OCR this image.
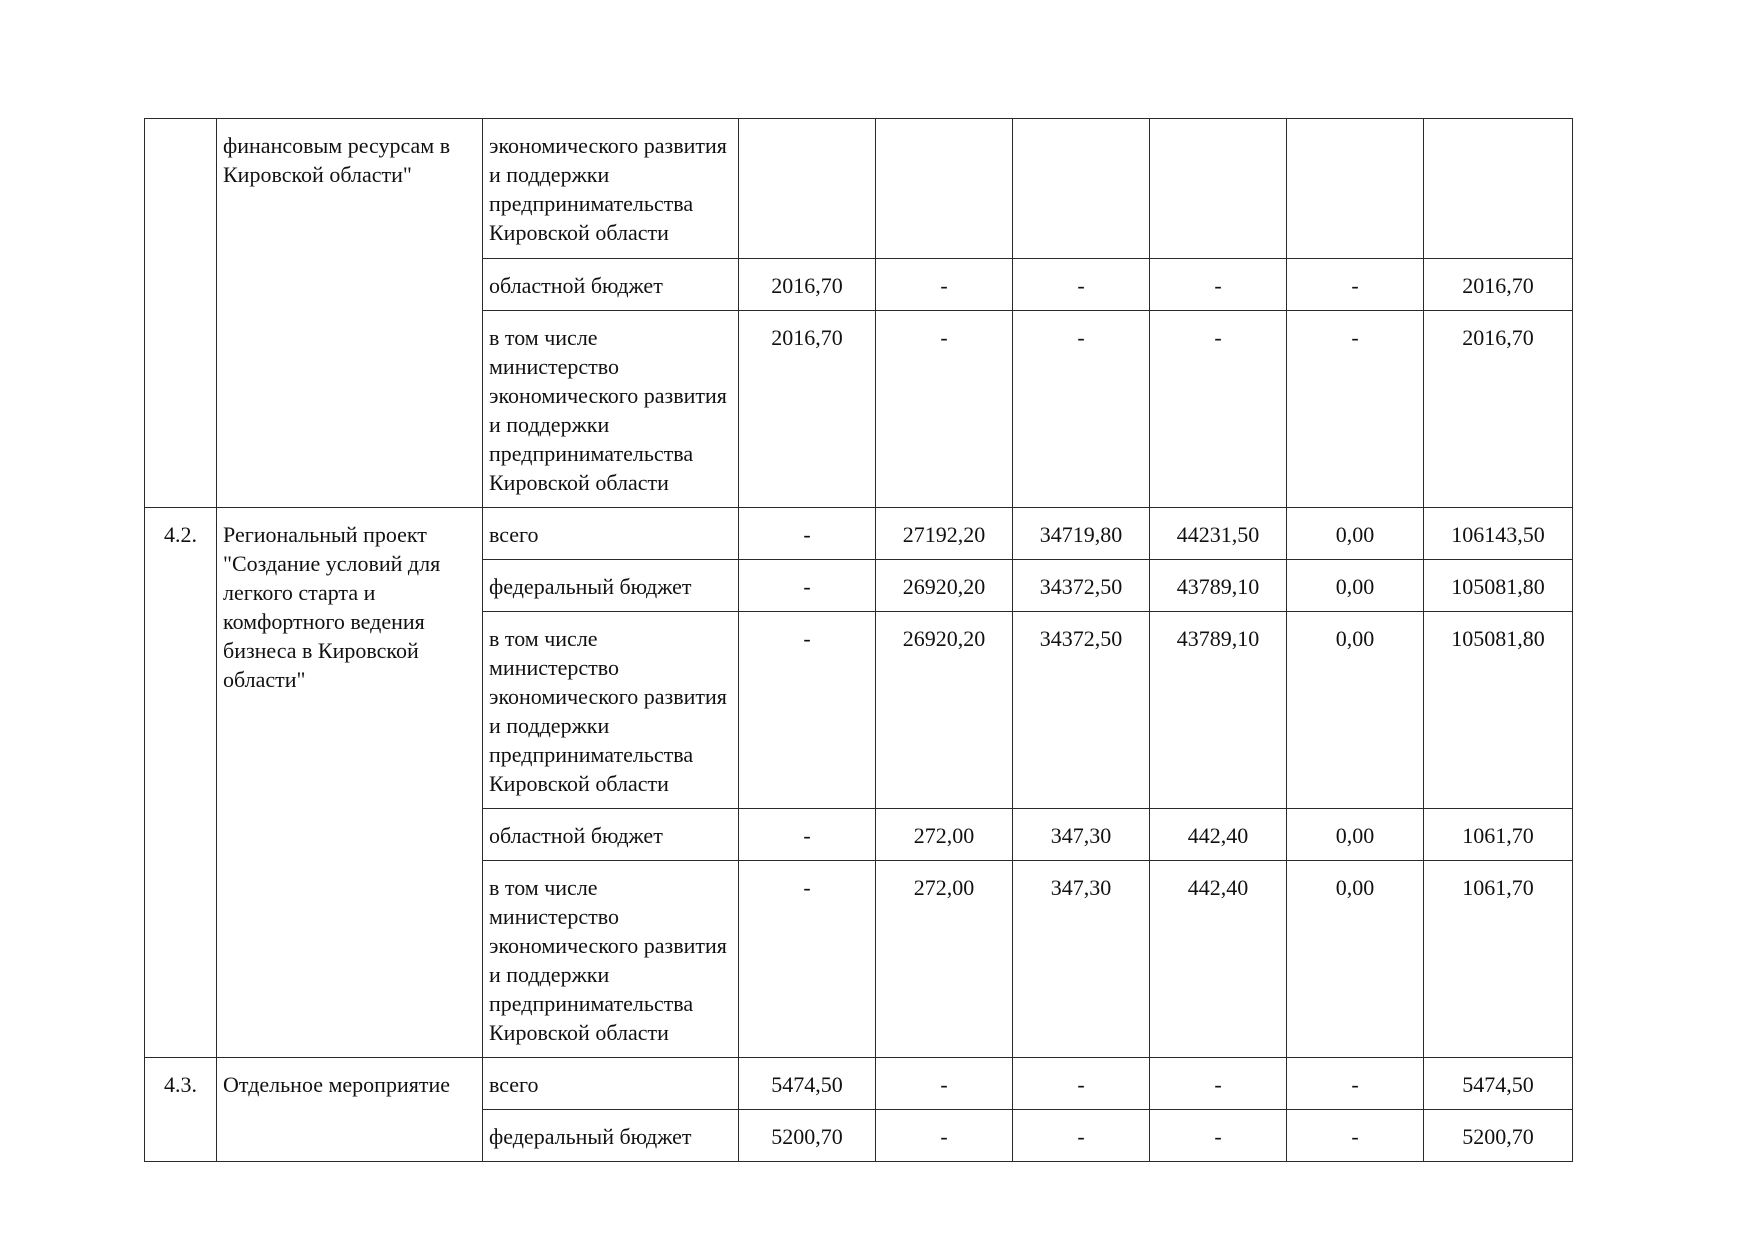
	финансовым ресурсам в Кировской области"	экономического развития и поддержки предпринимательства Кировской области						
		областной бюджет	2016,70	-	-	-	-	2016,70
		в том числе министерство экономического развития и поддержки предпринимательства Кировской области	2016,70	-	-	-	-	2016,70
4.2.	Региональный проект "Создание условий для легкого старта и комфортного ведения бизнеса в Кировской области"	всего	-	27192,20	34719,80	44231,50	0,00	106143,50
		федеральный бюджет	-	26920,20	34372,50	43789,10	0,00	105081,80
		в том числе министерство экономического развития и поддержки предпринимательства Кировской области	-	26920,20	34372,50	43789,10	0,00	105081,80
		областной бюджет	-	272,00	347,30	442,40	0,00	1061,70
		в том числе министерство экономического развития и поддержки предпринимательства Кировской области	-	272,00	347,30	442,40	0,00	1061,70
4.3.	Отдельное мероприятие	всего	5474,50	-	-	-	-	5474,50
		федеральный бюджет	5200,70	-	-	-	-	5200,70
